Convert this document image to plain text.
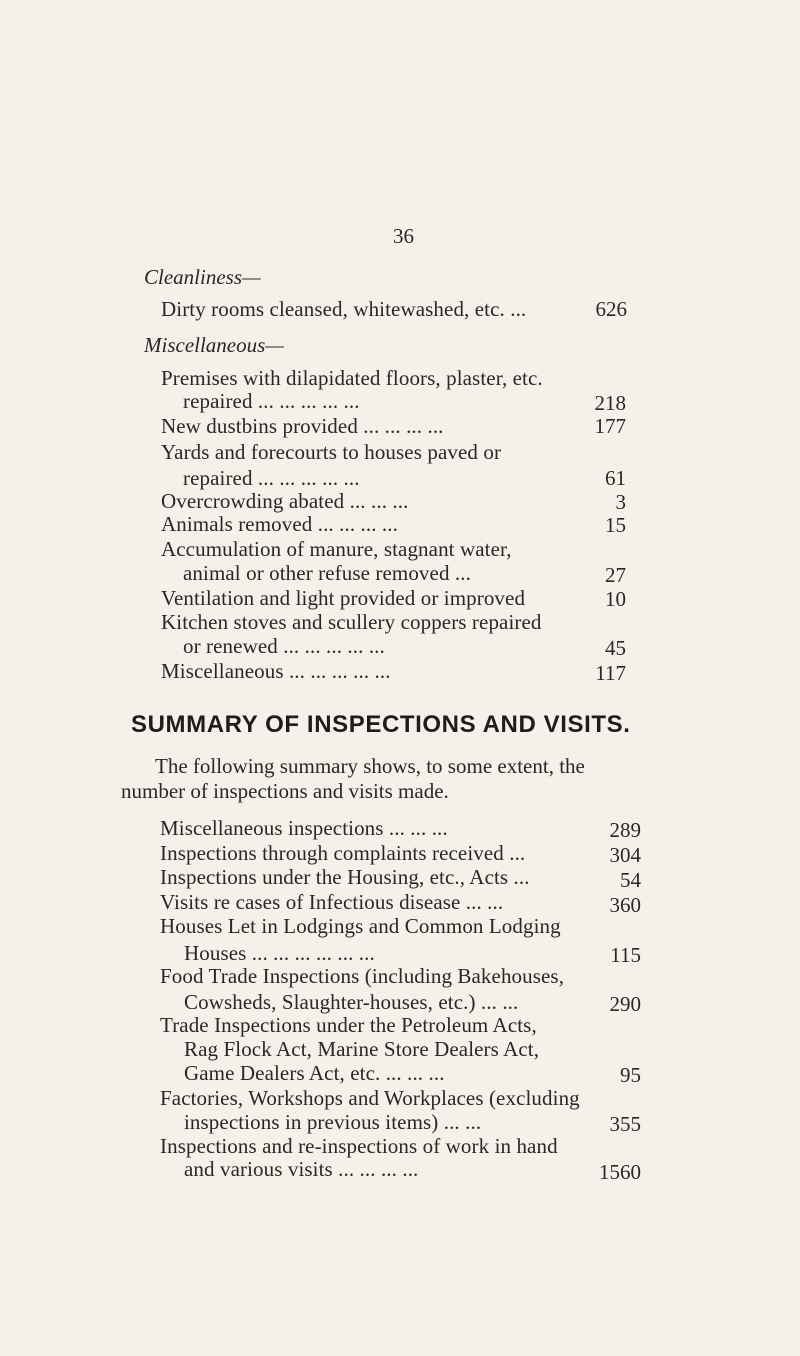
36
Cleanliness—
Dirty rooms cleansed, whitewashed, etc. ...	626
Miscellaneous—
Premises with dilapidated floors, plaster, etc.
repaired ... ... ... ... ...	218
New dustbins provided ... ... ... ...	177
Yards and forecourts to houses paved or
repaired ... ... ... ... ...	61
Overcrowding abated ... ... ...	3
Animals removed ... ... ... ...	15
Accumulation of manure, stagnant water,
animal or other refuse removed ...	27
Ventilation and light provided or improved	10
Kitchen stoves and scullery coppers repaired
or renewed ... ... ... ... ...	45
Miscellaneous ... ... ... ... ...	117
SUMMARY OF INSPECTIONS AND VISITS.
The following summary shows, to some extent, the
number of inspections and visits made.
Miscellaneous inspections ... ... ...	289
Inspections through complaints received ...	304
Inspections under the Housing, etc., Acts ...	54
Visits re cases of Infectious disease ... ...	360
Houses Let in Lodgings and Common Lodging
Houses ... ... ... ... ... ...	115
Food Trade Inspections (including Bakehouses,
Cowsheds, Slaughter-houses, etc.) ... ...	290
Trade Inspections under the Petroleum Acts,
Rag Flock Act, Marine Store Dealers Act,
Game Dealers Act, etc. ... ... ...	95
Factories, Workshops and Workplaces (excluding
inspections in previous items) ... ...	355
Inspections and re-inspections of work in hand
and various visits ... ... ... ...	1560
